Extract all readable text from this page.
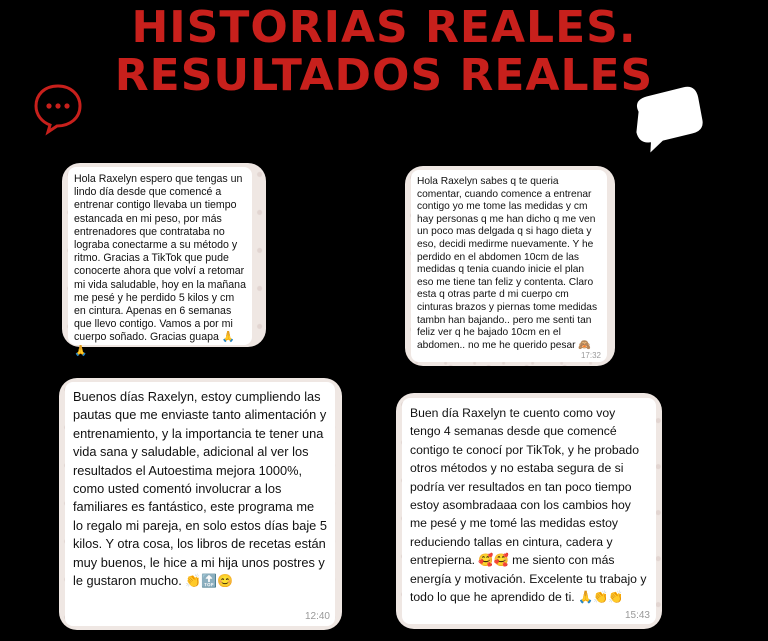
HISTORIAS REALES.
RESULTADOS REALES
Hola Raxelyn espero que tengas un lindo día desde que comencé a entrenar contigo llevaba un tiempo estancada en mi peso, por más entrenadores que contrataba no lograba conectarme a su método y ritmo. Gracias a TikTok que pude conocerte ahora que volví a retomar mi vida saludable, hoy en la mañana me pesé y he perdido 5 kilos y cm en cintura. Apenas en 6 semanas que llevo contigo. Vamos a por mi cuerpo soñado. Gracias guapa 🙏🙏
Hola Raxelyn sabes q te queria comentar, cuando comence a entrenar contigo yo me tome las medidas y cm hay personas q me han dicho q me ven un poco mas delgada q si hago dieta y eso, decidi medirme nuevamente. Y he perdido en el abdomen 10cm de las medidas q tenia cuando inicie el plan eso me tiene tan feliz y contenta. Claro esta q otras parte d mi cuerpo cm cinturas brazos y piernas tome medidas tambn han bajando.. pero me senti tan feliz ver q he bajado 10cm en el abdomen.. no me he querido pesar 🙈
17:32
Buenos días Raxelyn, estoy cumpliendo las pautas que me enviaste tanto alimentación y entrenamiento, y la importancia te tener una vida sana y saludable, adicional al ver los resultados el Autoestima mejora 1000%, como usted comentó involucrar a los familiares es fantástico, este programa me lo regalo mi pareja, en solo estos días baje 5 kilos. Y otra cosa, los libros de recetas están muy buenos, le hice a mi hija unos postres y le gustaron mucho. 👏🔝😊
12:40
Buen día Raxelyn te cuento como voy tengo 4 semanas desde que comencé contigo te conocí por TikTok, y he probado otros métodos y no estaba segura de si podría ver resultados en tan poco tiempo estoy asombradaaa con los cambios hoy me pesé y me tomé las medidas estoy reduciendo tallas en cintura, cadera y entrepierna. 🥰🥰 me siento con más energía y motivación. Excelente tu trabajo y todo lo que he aprendido de ti. 🙏👏👏
15:43
